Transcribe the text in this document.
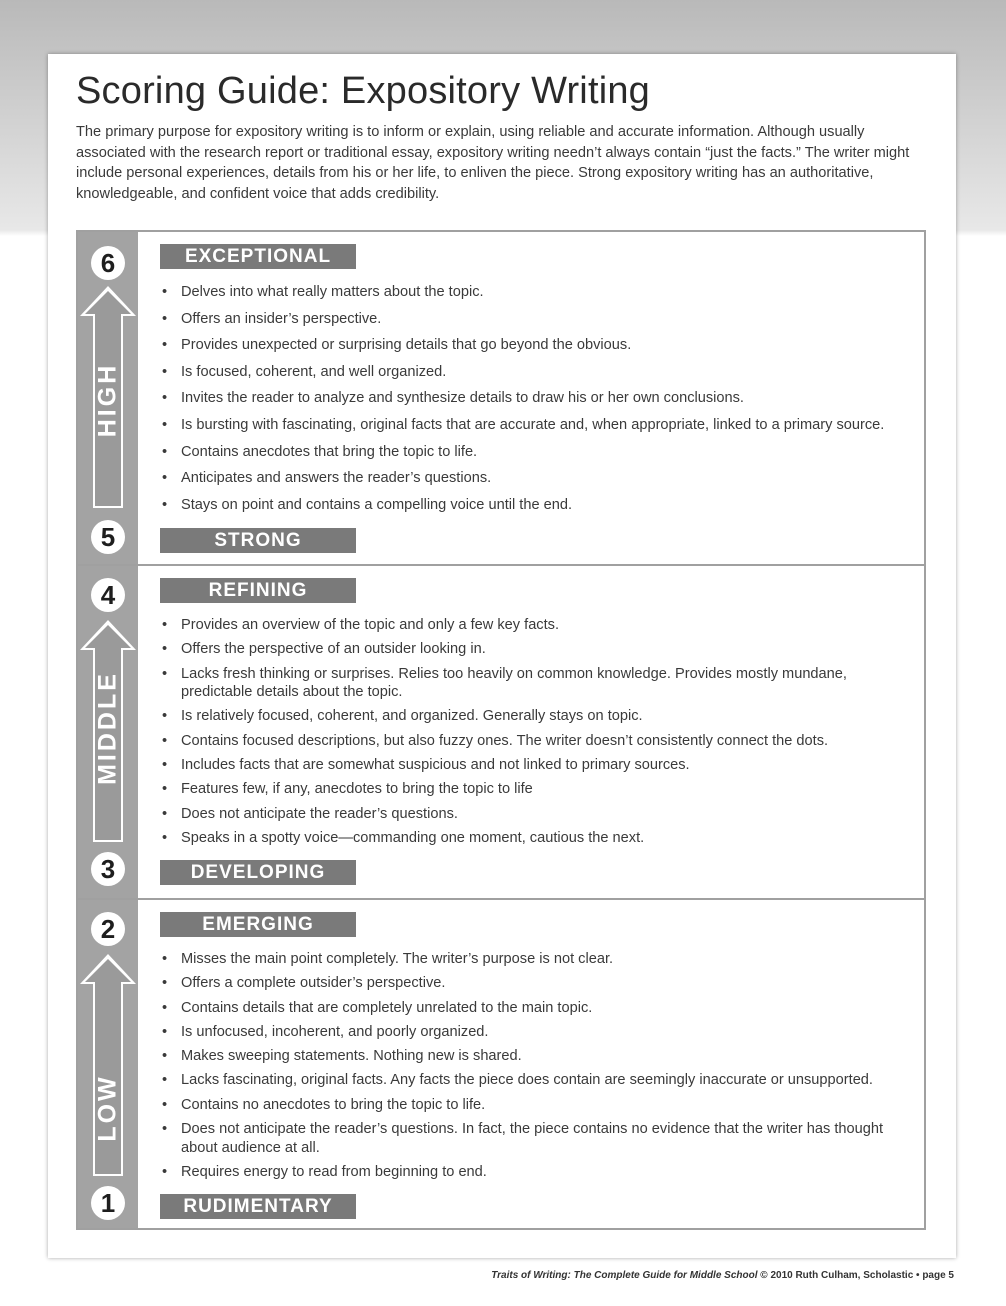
Scoring Guide: Expository Writing

The primary purpose for expository writing is to inform or explain, using reliable and accurate information. Although usually associated with the research report or traditional essay, expository writing needn’t always contain “just the facts.” The writer might include personal experiences, details from his or her life, to enliven the piece. Strong expository writing has an authoritative, knowledgeable, and confident voice that adds credibility.

6
HIGH
5
EXCEPTIONAL
• Delves into what really matters about the topic.
• Offers an insider’s perspective.
• Provides unexpected or surprising details that go beyond the obvious.
• Is focused, coherent, and well organized.
• Invites the reader to analyze and synthesize details to draw his or her own conclusions.
• Is bursting with fascinating, original facts that are accurate and, when appropriate, linked to a primary source.
• Contains anecdotes that bring the topic to life.
• Anticipates and answers the reader’s questions.
• Stays on point and contains a compelling voice until the end.
STRONG
4
MIDDLE
3
REFINING
• Provides an overview of the topic and only a few key facts.
• Offers the perspective of an outsider looking in.
• Lacks fresh thinking or surprises. Relies too heavily on common knowledge. Provides mostly mundane, predictable details about the topic.
• Is relatively focused, coherent, and organized. Generally stays on topic.
• Contains focused descriptions, but also fuzzy ones. The writer doesn’t consistently connect the dots.
• Includes facts that are somewhat suspicious and not linked to primary sources.
• Features few, if any, anecdotes to bring the topic to life
• Does not anticipate the reader’s questions.
• Speaks in a spotty voice—commanding one moment, cautious the next.
DEVELOPING
2
LOW
1
EMERGING
• Misses the main point completely. The writer’s purpose is not clear.
• Offers a complete outsider’s perspective.
• Contains details that are completely unrelated to the main topic.
• Is unfocused, incoherent, and poorly organized.
• Makes sweeping statements. Nothing new is shared.
• Lacks fascinating, original facts. Any facts the piece does contain are seemingly inaccurate or unsupported.
• Contains no anecdotes to bring the topic to life.
• Does not anticipate the reader’s questions. In fact, the piece contains no evidence that the writer has thought about audience at all.
• Requires energy to read from beginning to end.
RUDIMENTARY
Traits of Writing: The Complete Guide for Middle School © 2010 Ruth Culham, Scholastic • page 5
